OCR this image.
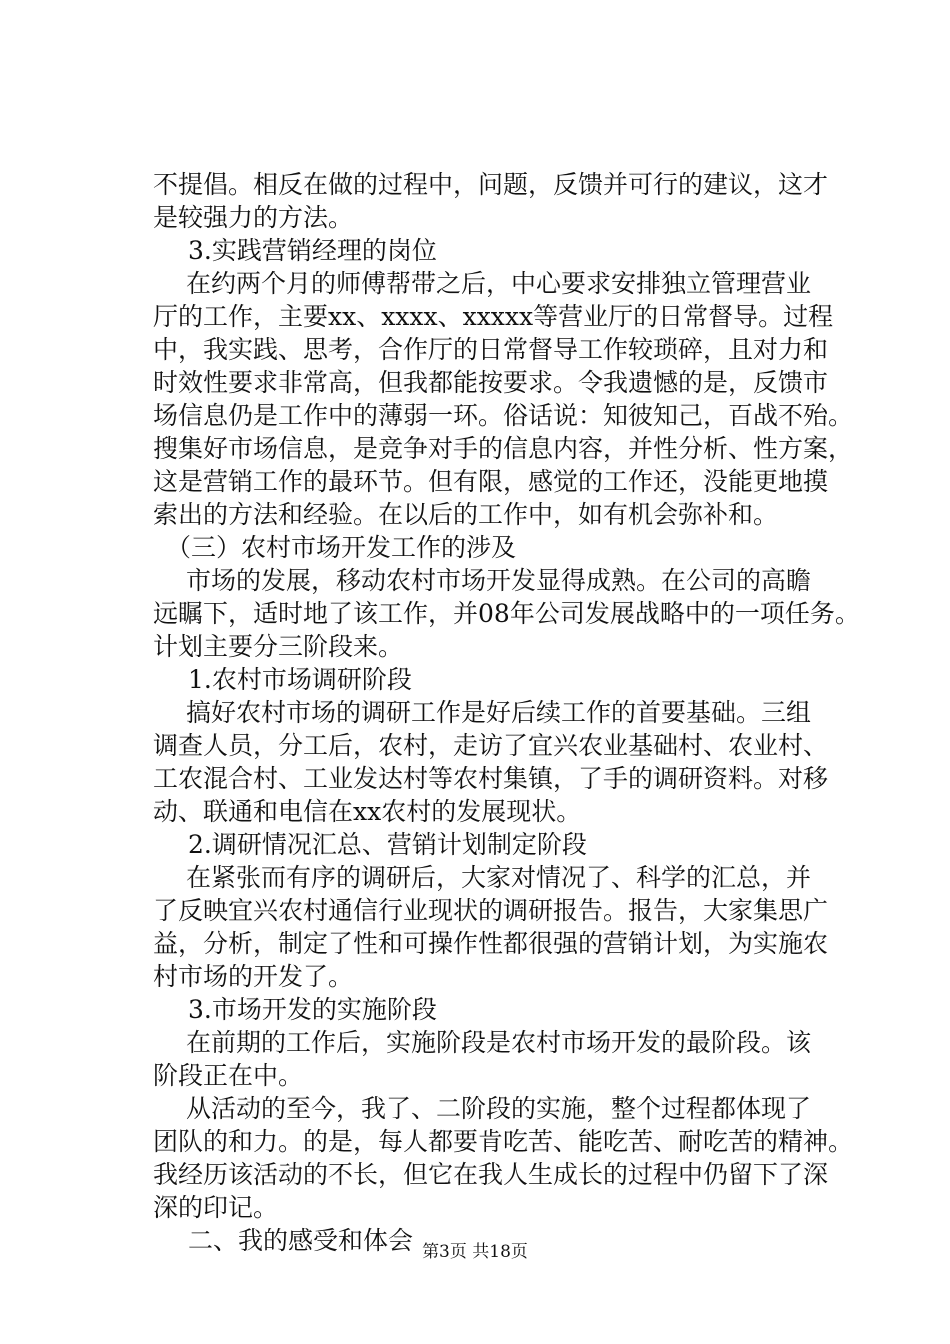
不提倡。相反在做的过程中，问题，反馈并可行的建议，这才
是较强力的方法。
3.实践营销经理的岗位
在约两个月的师傅帮带之后，中心要求安排独立管理营业
厅的工作，主要xx、xxxx、xxxxx等营业厅的日常督导。过程
中，我实践、思考，合作厅的日常督导工作较琐碎，且对力和
时效性要求非常高，但我都能按要求。令我遗憾的是，反馈市
场信息仍是工作中的薄弱一环。俗话说：知彼知己，百战不殆。
搜集好市场信息，是竞争对手的信息内容，并性分析、性方案，
这是营销工作的最环节。但有限，感觉的工作还，没能更地摸
索出的方法和经验。在以后的工作中，如有机会弥补和。
（三）农村市场开发工作的涉及
市场的发展，移动农村市场开发显得成熟。在公司的高瞻
远瞩下，适时地了该工作，并08年公司发展战略中的一项任务。
计划主要分三阶段来。
1.农村市场调研阶段
搞好农村市场的调研工作是好后续工作的首要基础。三组
调查人员，分工后，农村，走访了宜兴农业基础村、农业村、
工农混合村、工业发达村等农村集镇，了手的调研资料。对移
动、联通和电信在xx农村的发展现状。
2.调研情况汇总、营销计划制定阶段
在紧张而有序的调研后，大家对情况了、科学的汇总，并
了反映宜兴农村通信行业现状的调研报告。报告，大家集思广
益，分析，制定了性和可操作性都很强的营销计划，为实施农
村市场的开发了。
3.市场开发的实施阶段
在前期的工作后，实施阶段是农村市场开发的最阶段。该
阶段正在中。
从活动的至今，我了、二阶段的实施，整个过程都体现了
团队的和力。的是，每人都要肯吃苦、能吃苦、耐吃苦的精神。
我经历该活动的不长，但它在我人生成长的过程中仍留下了深
深的印记。
二、我的感受和体会 第3页 共18页
